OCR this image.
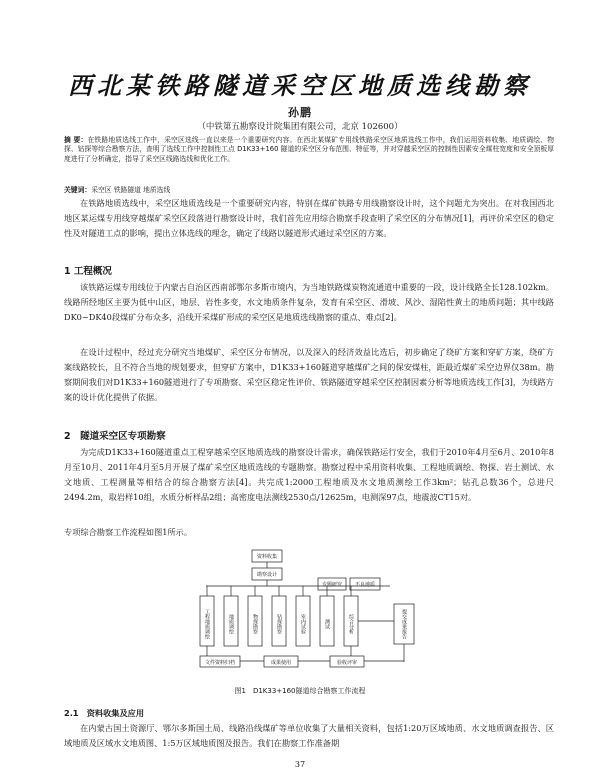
西北某铁路隧道采空区地质选线勘察
孙鹏
（中铁第五勘察设计院集团有限公司，北京 102600）
摘 要：在铁路地质选线工作中，采空区选线一直以来是一个重要研究内容。在西北某煤矿专用线铁路采空区地质选线工作中，我们运用资料收集、地质调绘、物探、钻探等综合勘察方法，查明了选线工作中控制性工点 D1K33+160 隧道的采空区分布范围、特征等，并对穿越采空区的控制性因素安全煤柱宽度和安全顶板厚度进行了分析确定，指导了采空区线路选线和优化工作。
关键词：采空区 铁路隧道 地质选线

在铁路地质选线中，采空区地质选线是一个重要研究内容，特别在煤矿铁路专用线勘察设计时，这个问题尤为突出。在对我国西北地区某运煤专用线穿越煤矿采空区段落进行勘察设计时，我们首先应用综合勘察手段查明了采空区的分布情况[1]，再评价采空区的稳定性及对隧道工点的影响，提出立体选线的理念，确定了线路以隧道形式通过采空区的方案。

1 工程概况

该铁路运煤专用线位于内蒙古自治区西南部鄂尔多斯市境内，为当地铁路煤炭物流通道中重要的一段，设计线路全长128.102km。线路所经地区主要为低中山区，地层、岩性多变，水文地质条件复杂，发育有采空区、滑坡、风沙、湿陷性黄土的地质问题；其中线路DK0~DK40段煤矿分布众多，沿线开采煤矿形成的采空区是地质选线勘察的重点、难点[2]。

在设计过程中，经过充分研究当地煤矿、采空区分布情况，以及深入的经济效益比选后，初步确定了绕矿方案和穿矿方案，绕矿方案线路较长，且不符合当地的规划要求，但穿矿方案中，D1K33+160隧道穿越煤矿之间的保安煤柱，距最近煤矿采空边界仅38m。勘察期间我们对D1K33+160隧道进行了专项勘察、采空区稳定性评价、铁路隧道穿越采空区控制因素分析等地质选线工作[3]，为线路方案的设计优化提供了依据。

2　隧道采空区专项勘察

为完成D1K33+160隧道重点工程穿越采空区地质选线的勘察设计需求，确保铁路运行安全，我们于2010年4月至6月、2010年8月至10月、2011年4月至5月开展了煤矿采空区地质选线的专题勘察。勘察过程中采用资料收集、工程地质调绘、物探、岩土测试、水文地质、工程测量等相结合的综合勘察方法[4]。共完成1:2000工程地质及水文地质测绘工作3km²；钻孔总数36个，总进尺2494.2m，取岩样10组，水质分析样品2组；高密度电法测线2530点/12625m，电测深97点，地震波CT15对。

专项综合勘察工作流程如图1所示。

资料收集
勘察设计
专题研究	不良地质
工程地质调绘	地质调绘	物探勘察	钻探勘察	室内试验	测试	综合分析	提交成果报告
文件资料归档	成果使用	验收评审
图1　D1K33+160隧道综合勘察工作流程
2.1　资料收集及应用

在内蒙古国土资源厅、鄂尔多斯国土局、线路沿线煤矿等单位收集了大量相关资料，包括1:20万区域地质、水文地质调查报告、区域地质及区域水文地质图、1:5万区域地质图及报告。我们在勘察工作准备期

37
